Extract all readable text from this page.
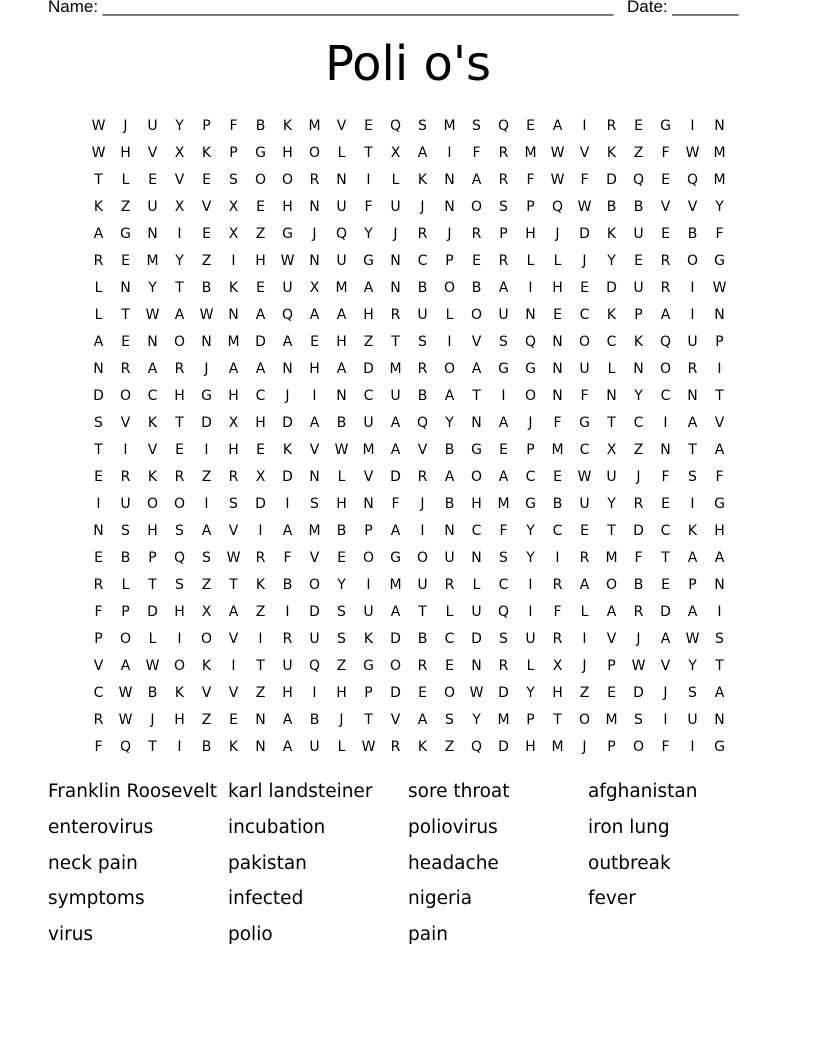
Name: ______________________________________________________ Date: _______
Poli o's
W	J	U	Y	P	F	B	K	M	V	E	Q	S	M	S	Q	E	A	I	R	E	G	I	N
W	H	V	X	K	P	G	H	O	L	T	X	A	I	F	R	M	W	V	K	Z	F	W	M
T	L	E	V	E	S	O	O	R	N	I	L	K	N	A	R	F	W	F	D	Q	E	Q	M
K	Z	U	X	V	X	E	H	N	U	F	U	J	N	O	S	P	Q	W	B	B	V	V	Y
A	G	N	I	E	X	Z	G	J	Q	Y	J	R	J	R	P	H	J	D	K	U	E	B	F
R	E	M	Y	Z	I	H	W	N	U	G	N	C	P	E	R	L	L	J	Y	E	R	O	G
L	N	Y	T	B	K	E	U	X	M	A	N	B	O	B	A	I	H	E	D	U	R	I	W
L	T	W	A	W	N	A	Q	A	A	H	R	U	L	O	U	N	E	C	K	P	A	I	N
A	E	N	O	N	M	D	A	E	H	Z	T	S	I	V	S	Q	N	O	C	K	Q	U	P
N	R	A	R	J	A	A	N	H	A	D	M	R	O	A	G	G	N	U	L	N	O	R	I
D	O	C	H	G	H	C	J	I	N	C	U	B	A	T	I	O	N	F	N	Y	C	N	T
S	V	K	T	D	X	H	D	A	B	U	A	Q	Y	N	A	J	F	G	T	C	I	A	V
T	I	V	E	I	H	E	K	V	W	M	A	V	B	G	E	P	M	C	X	Z	N	T	A
E	R	K	R	Z	R	X	D	N	L	V	D	R	A	O	A	C	E	W	U	J	F	S	F
I	U	O	O	I	S	D	I	S	H	N	F	J	B	H	M	G	B	U	Y	R	E	I	G
N	S	H	S	A	V	I	A	M	B	P	A	I	N	C	F	Y	C	E	T	D	C	K	H
E	B	P	Q	S	W	R	F	V	E	O	G	O	U	N	S	Y	I	R	M	F	T	A	A
R	L	T	S	Z	T	K	B	O	Y	I	M	U	R	L	C	I	R	A	O	B	E	P	N
F	P	D	H	X	A	Z	I	D	S	U	A	T	L	U	Q	I	F	L	A	R	D	A	I
P	O	L	I	O	V	I	R	U	S	K	D	B	C	D	S	U	R	I	V	J	A	W	S
V	A	W	O	K	I	T	U	Q	Z	G	O	R	E	N	R	L	X	J	P	W	V	Y	T
C	W	B	K	V	V	Z	H	I	H	P	D	E	O	W	D	Y	H	Z	E	D	J	S	A
R	W	J	H	Z	E	N	A	B	J	T	V	A	S	Y	M	P	T	O	M	S	I	U	N
F	Q	T	I	B	K	N	A	U	L	W	R	K	Z	Q	D	H	M	J	P	O	F	I	G
Franklin Roosevelt
enterovirus
neck pain
symptoms
virus
karl landsteiner
incubation
pakistan
infected
polio
sore throat
poliovirus
headache
nigeria
pain
afghanistan
iron lung
outbreak
fever
